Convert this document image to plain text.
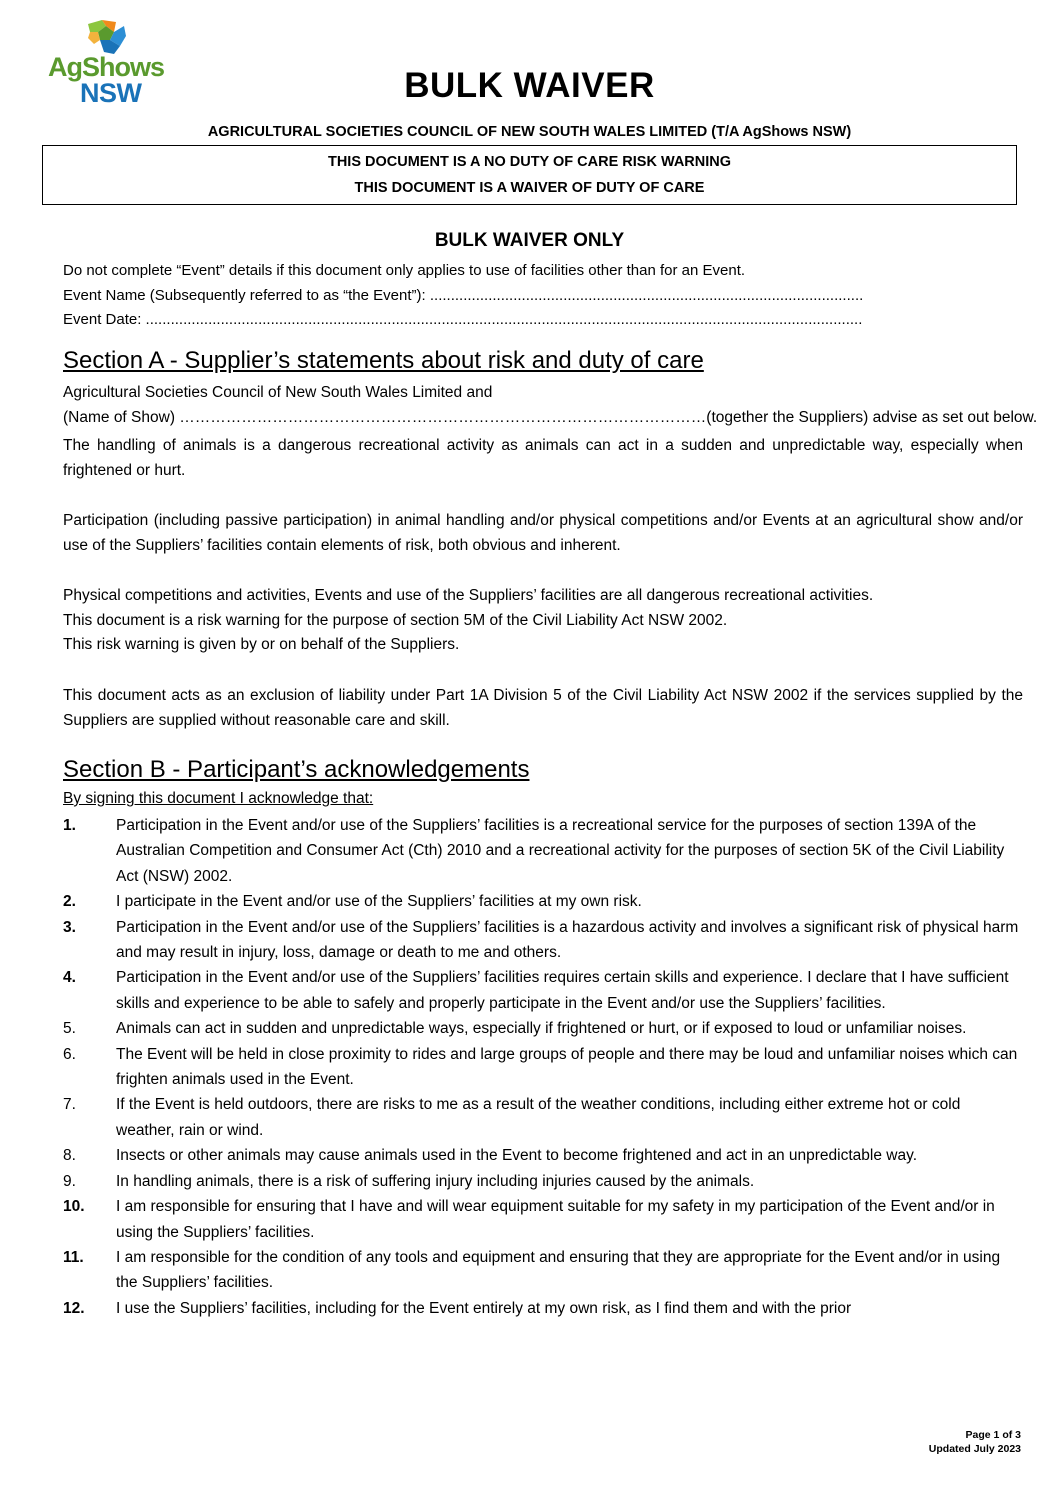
AgShows
NSW	BULK WAIVER
AGRICULTURAL SOCIETIES COUNCIL OF NEW SOUTH WALES LIMITED (T/A AgShows NSW)
THIS DOCUMENT IS A NO DUTY OF CARE RISK WARNING
THIS DOCUMENT IS A WAIVER OF DUTY OF CARE
BULK WAIVER ONLY
Do not complete “Event” details if this document only applies to use of facilities other than for an Event.
Event Name (Subsequently referred to as “the Event”): ........................................................................................................
Event Date: ............................................................................................................................................................................
Section A - Supplier’s statements about risk and duty of care
Agricultural Societies Council of New South Wales Limited and
(Name of Show) …………………………………………………………………………………………(together the Suppliers) advise as set out below.
The handling of animals is a dangerous recreational activity as animals can act in a sudden and unpredictable way, especially when frightened or hurt.
Participation (including passive participation) in animal handling and/or physical competitions and/or Events at an agricultural show and/or use of the Suppliers’ facilities contain elements of risk, both obvious and inherent.
Physical competitions and activities, Events and use of the Suppliers’ facilities are all dangerous recreational activities.
This document is a risk warning for the purpose of section 5M of the Civil Liability Act NSW 2002.
This risk warning is given by or on behalf of the Suppliers.
This document acts as an exclusion of liability under Part 1A Division 5 of the Civil Liability Act NSW 2002 if the services supplied by the Suppliers are supplied without reasonable care and skill.
Section B - Participant’s acknowledgements
By signing this document I acknowledge that:
1.	Participation in the Event and/or use of the Suppliers’ facilities is a recreational service for the purposes of section 139A of the Australian Competition and Consumer Act (Cth) 2010 and a recreational activity for the purposes of section 5K of the Civil Liability Act (NSW) 2002.
2.	I participate in the Event and/or use of the Suppliers’ facilities at my own risk.
3.	Participation in the Event and/or use of the Suppliers’ facilities is a hazardous activity and involves a significant risk of physical harm and may result in injury, loss, damage or death to me and others.
4.	Participation in the Event and/or use of the Suppliers’ facilities requires certain skills and experience. I declare that I have sufficient skills and experience to be able to safely and properly participate in the Event and/or use the Suppliers’ facilities.
5.	Animals can act in sudden and unpredictable ways, especially if frightened or hurt, or if exposed to loud or unfamiliar noises.
6.	The Event will be held in close proximity to rides and large groups of people and there may be loud and unfamiliar noises which can frighten animals used in the Event.
7.	If the Event is held outdoors, there are risks to me as a result of the weather conditions, including either extreme hot or cold weather, rain or wind.
8.	Insects or other animals may cause animals used in the Event to become frightened and act in an unpredictable way.
9.	In handling animals, there is a risk of suffering injury including injuries caused by the animals.
10.	I am responsible for ensuring that I have and will wear equipment suitable for my safety in my participation of the Event and/or in using the Suppliers’ facilities.
11.	I am responsible for the condition of any tools and equipment and ensuring that they are appropriate for the Event and/or in using the Suppliers’ facilities.
12.	I use the Suppliers’ facilities, including for the Event entirely at my own risk, as I find them and with the prior
Page 1 of 3
Updated July 2023
